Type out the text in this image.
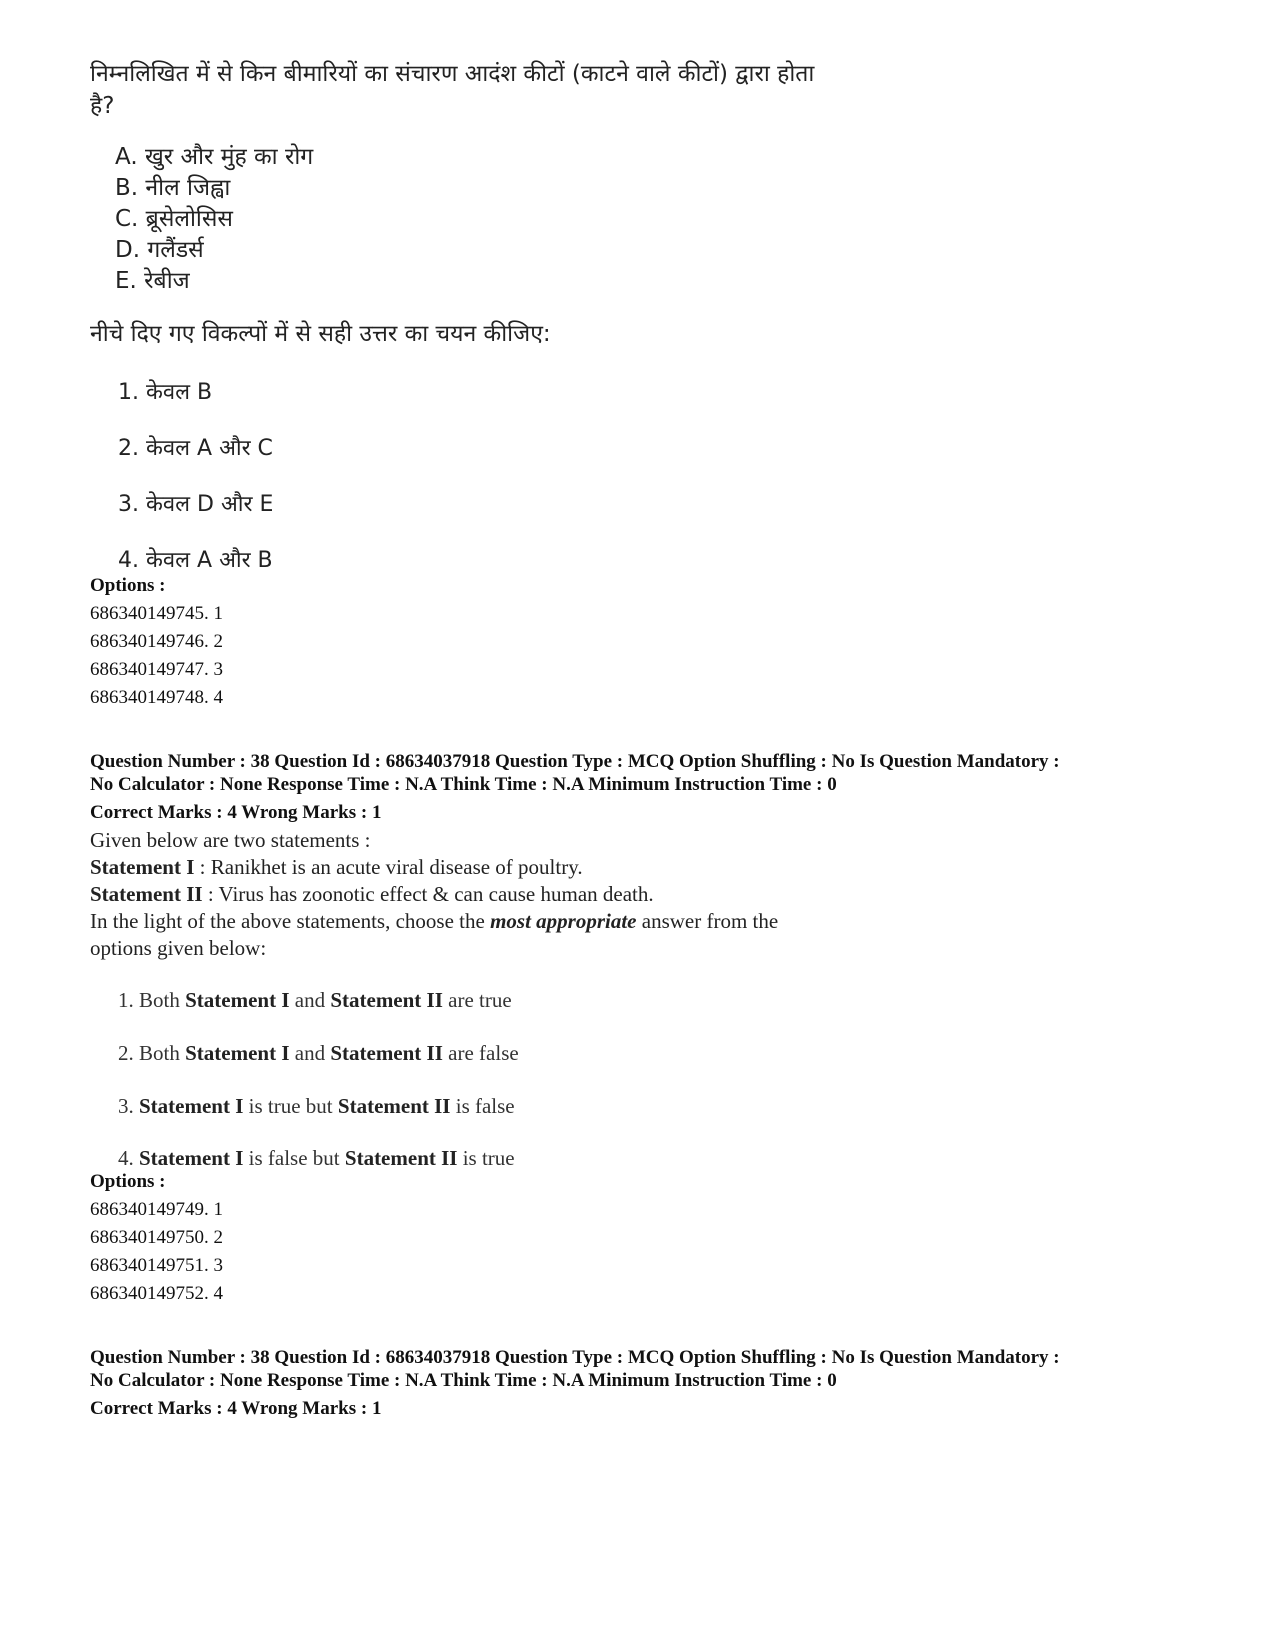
निम्नलिखित में से किन बीमारियों का संचारण आदंश कीटों (काटने वाले कीटों) द्वारा होता
है?
A. खुर और मुंह का रोग
B. नील जिह्वा
C. ब्रूसेलोसिस
D. गलैंडर्स
E. रेबीज
नीचे दिए गए विकल्पों में से सही उत्तर का चयन कीजिए:
1. केवल B
2. केवल A और C
3. केवल D और E
4. केवल A और B
Options :
686340149745. 1
686340149746. 2
686340149747. 3
686340149748. 4
Question Number : 38 Question Id : 68634037918 Question Type : MCQ Option Shuffling : No Is Question Mandatory :
No Calculator : None Response Time : N.A Think Time : N.A Minimum Instruction Time : 0
Correct Marks : 4 Wrong Marks : 1
Given below are two statements :
Statement I : Ranikhet is an acute viral disease of poultry.
Statement II : Virus has zoonotic effect & can cause human death.
In the light of the above statements, choose the most appropriate answer from the
options given below:
1. Both Statement I and Statement II are true
2. Both Statement I and Statement II are false
3. Statement I is true but Statement II is false
4. Statement I is false but Statement II is true
Options :
686340149749. 1
686340149750. 2
686340149751. 3
686340149752. 4
Question Number : 38 Question Id : 68634037918 Question Type : MCQ Option Shuffling : No Is Question Mandatory :
No Calculator : None Response Time : N.A Think Time : N.A Minimum Instruction Time : 0
Correct Marks : 4 Wrong Marks : 1
